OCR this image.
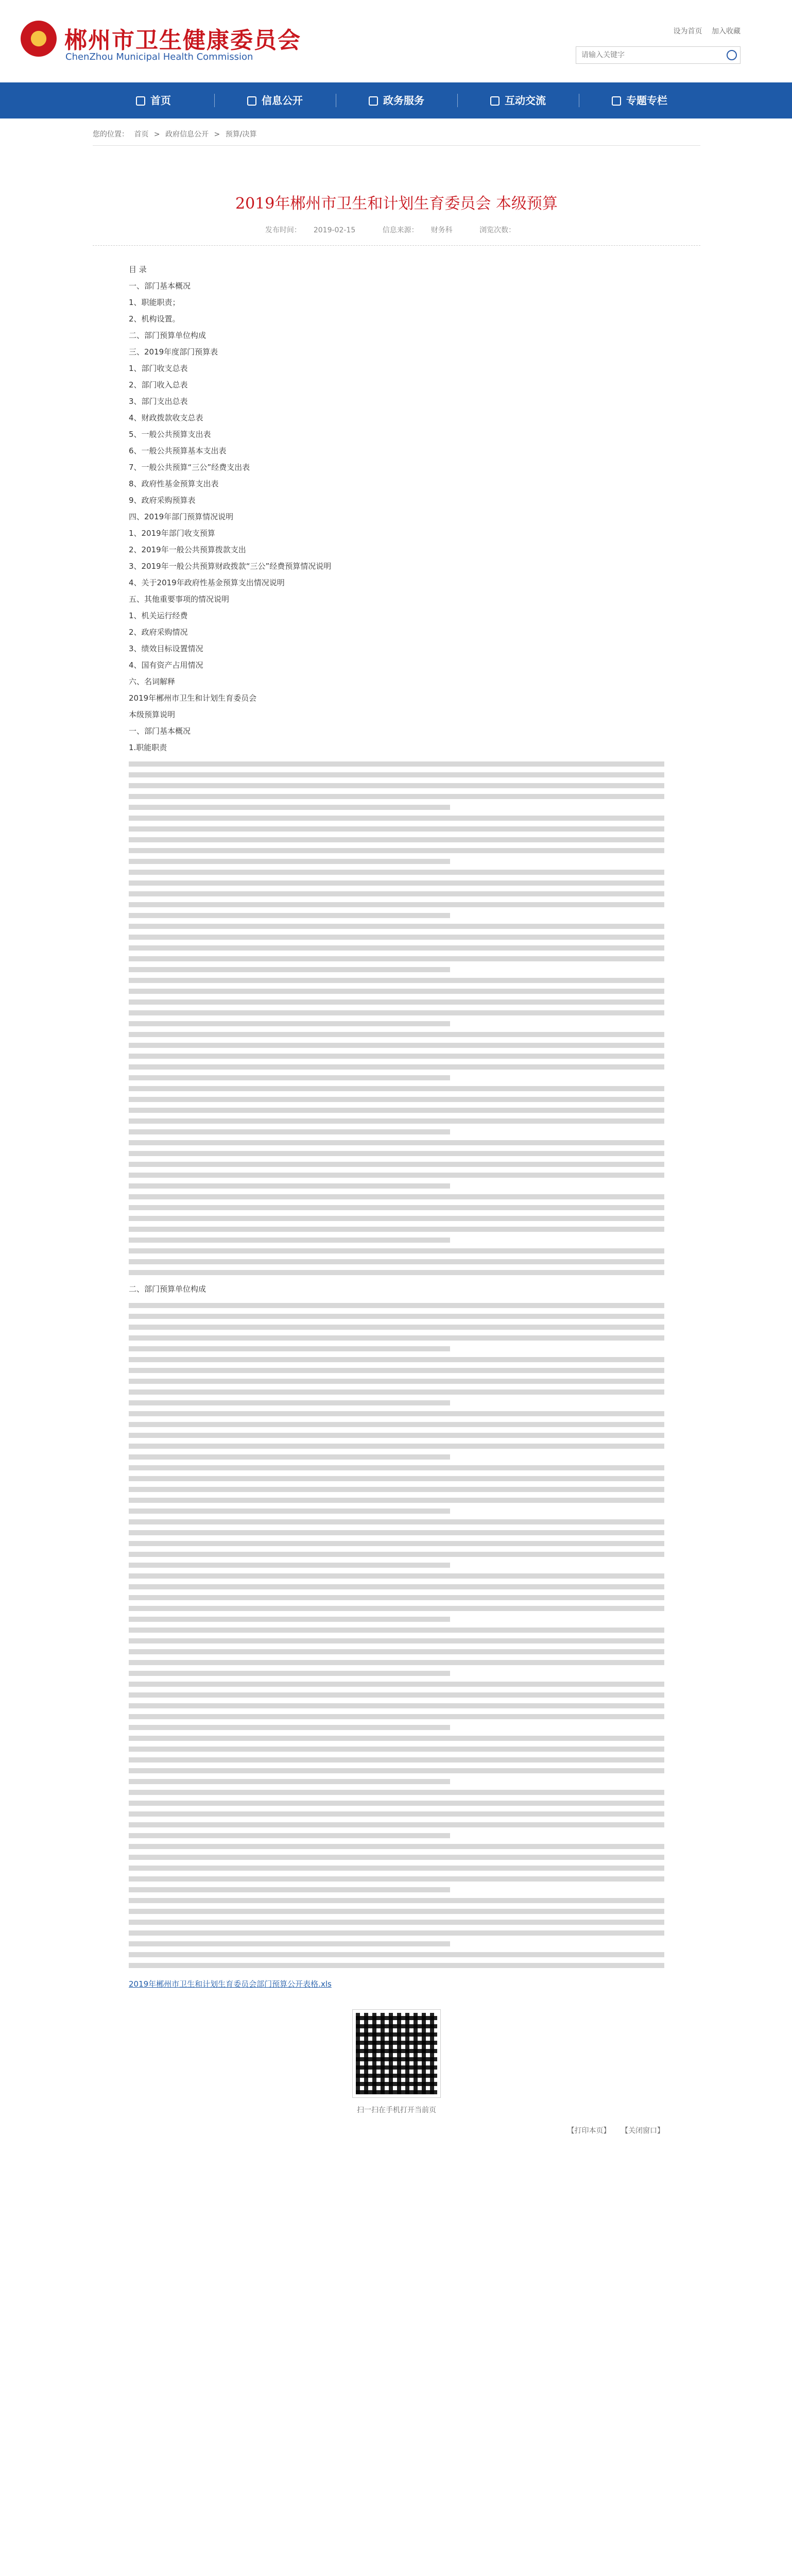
郴州市卫生健康委员会
ChenZhou Municipal Health Commission
设为首页 加入收藏
请输入关键字
首页	信息公开	政务服务	互动交流	专题专栏
您的位置： 首页 > 政府信息公开 > 预算/决算
2019年郴州市卫生和计划生育委员会 本级预算
发布时间： 2019-02-15	信息来源： 财务科	浏览次数：
目 录
一、部门基本概况
1、职能职责；
2、机构设置。
二、部门预算单位构成
三、2019年度部门预算表
1、部门收支总表
2、部门收入总表
3、部门支出总表
4、财政拨款收支总表
5、一般公共预算支出表
6、一般公共预算基本支出表
7、一般公共预算“三公”经费支出表
8、政府性基金预算支出表
9、政府采购预算表
四、2019年部门预算情况说明
1、2019年部门收支预算
2、2019年一般公共预算拨款支出
3、2019年一般公共预算财政拨款“三公”经费预算情况说明
4、关于2019年政府性基金预算支出情况说明
五、其他重要事项的情况说明
1、机关运行经费
2、政府采购情况
3、绩效目标设置情况
4、国有资产占用情况
六、名词解释
2019年郴州市卫生和计划生育委员会
本级预算说明
一、部门基本概况
1.职能职责
二、部门预算单位构成
2019年郴州市卫生和计划生育委员会部门预算公开表格.xls
扫一扫在手机打开当前页
【打印本页】 【关闭窗口】
